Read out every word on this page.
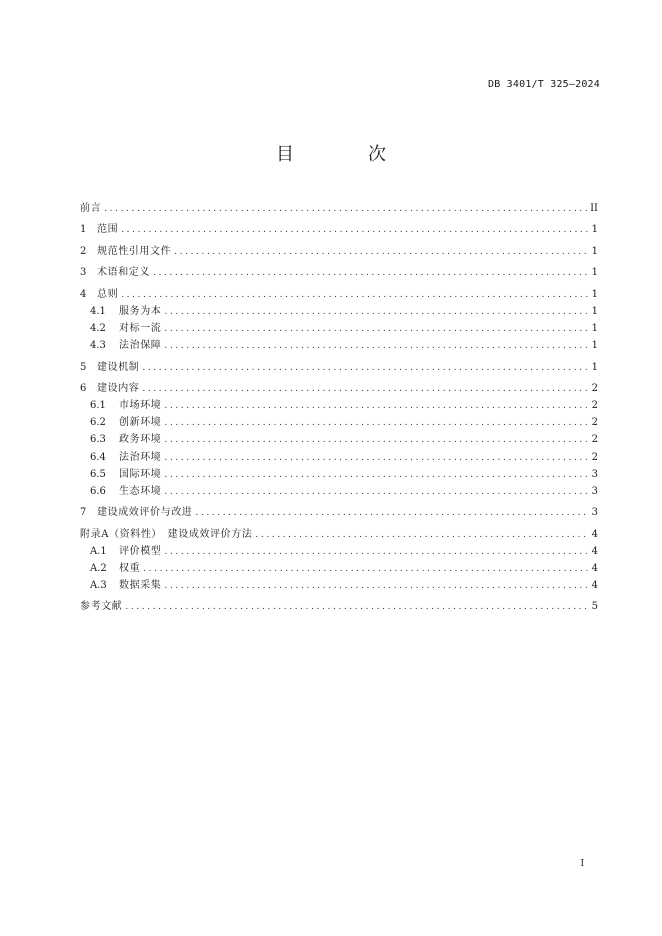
DB 3401/T 325—2024
目　次
前言 .....	II
1	范围 .....	1
2	规范性引用文件 .....	1
3	术语和定义 .....	1
4	总则 .....	1
4.1	服务为本 .....	1
4.2	对标一流 .....	1
4.3	法治保障 .....	1
5	建设机制 .....	1
6	建设内容 .....	2
6.1	市场环境 .....	2
6.2	创新环境 .....	2
6.3	政务环境 .....	2
6.4	法治环境 .....	2
6.5	国际环境 .....	3
6.6	生态环境 .....	3
7	建设成效评价与改进 .....	3
附录A（资料性）　建设成效评价方法 .....	4
A.1	评价模型 .....	4
A.2	权重 .....	4
A.3	数据采集 .....	4
参考文献 .....	5
I
